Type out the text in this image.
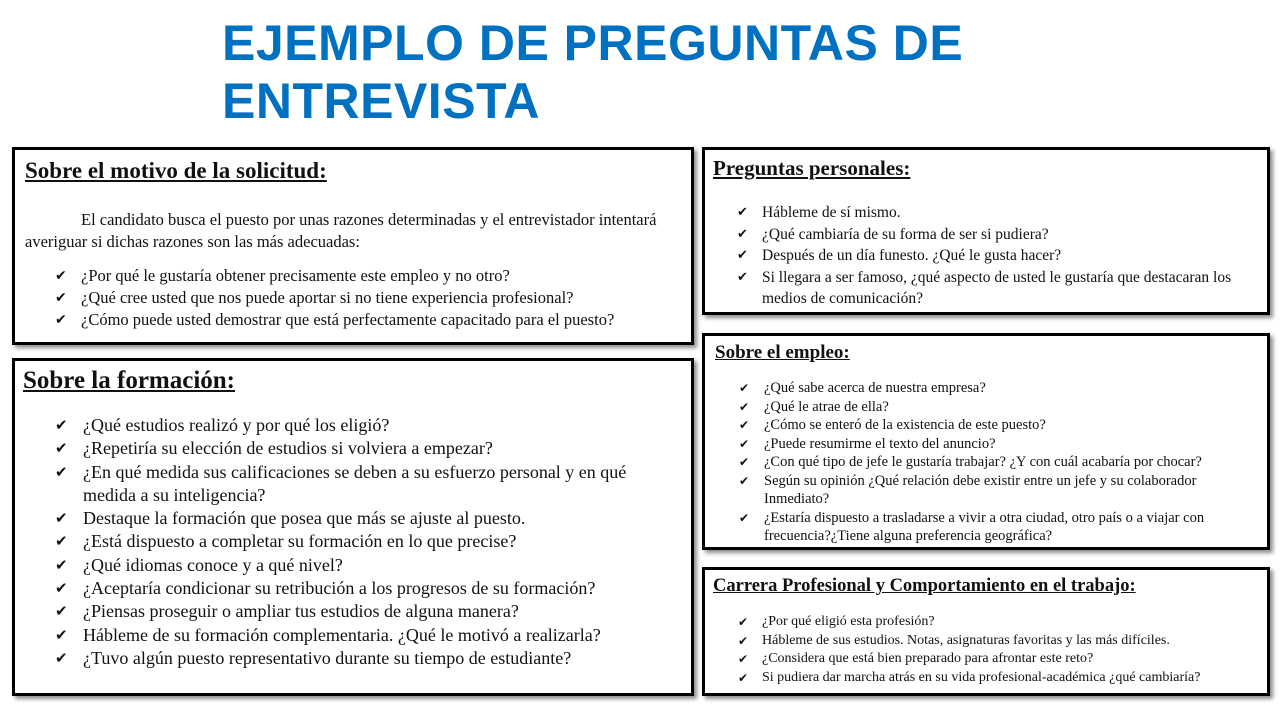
EJEMPLO DE PREGUNTAS DE ENTREVISTA
Sobre el motivo de la solicitud:

El candidato busca el puesto por unas razones determinadas y el entrevistador intentará averiguar si dichas razones son las más adecuadas:

✔ ¿Por qué le gustaría obtener precisamente este empleo y no otro?
✔ ¿Qué cree usted que nos puede aportar si no tiene experiencia profesional?
✔ ¿Cómo puede usted demostrar que está perfectamente capacitado para el puesto?
Sobre la formación:
✔ ¿Qué estudios realizó y por qué los eligió?
✔ ¿Repetiría su elección de estudios si volviera a empezar?
✔ ¿En qué medida sus calificaciones se deben a su esfuerzo personal y en qué medida a su inteligencia?
✔ Destaque la formación que posea que más se ajuste al puesto.
✔ ¿Está dispuesto a completar su formación en lo que precise?
✔ ¿Qué idiomas conoce y a qué nivel?
✔ ¿Aceptaría condicionar su retribución a los progresos de su formación?
✔ ¿Piensas proseguir o ampliar tus estudios de alguna manera?
✔ Hábleme de su formación complementaria. ¿Qué le motivó a realizarla?
✔ ¿Tuvo algún puesto representativo durante su tiempo de estudiante?
Preguntas personales:
✔ Hábleme de sí mismo.
✔ ¿Qué cambiaría de su forma de ser si pudiera?
✔ Después de un día funesto. ¿Qué le gusta hacer?
✔ Si llegara a ser famoso, ¿qué aspecto de usted le gustaría que destacaran los medios de comunicación?
Sobre el empleo:
✔ ¿Qué sabe acerca de nuestra empresa?
✔ ¿Qué le atrae de ella?
✔ ¿Cómo se enteró de la existencia de este puesto?
✔ ¿Puede resumirme el texto del anuncio?
✔ ¿Con qué tipo de jefe le gustaría trabajar? ¿Y con cuál acabaría por chocar?
✔ Según su opinión ¿Qué relación debe existir entre un jefe y su colaborador Inmediato?
✔ ¿Estaría dispuesto a trasladarse a vivir a otra ciudad, otro país o a viajar con frecuencia?¿Tiene alguna preferencia geográfica?
Carrera Profesional y Comportamiento en el trabajo:
✔ ¿Por qué eligió esta profesión?
✔ Hábleme de sus estudios. Notas, asignaturas favoritas y las más difíciles.
✔ ¿Considera que está bien preparado para afrontar este reto?
✔ Si pudiera dar marcha atrás en su vida profesional-académica ¿qué cambiaría?
